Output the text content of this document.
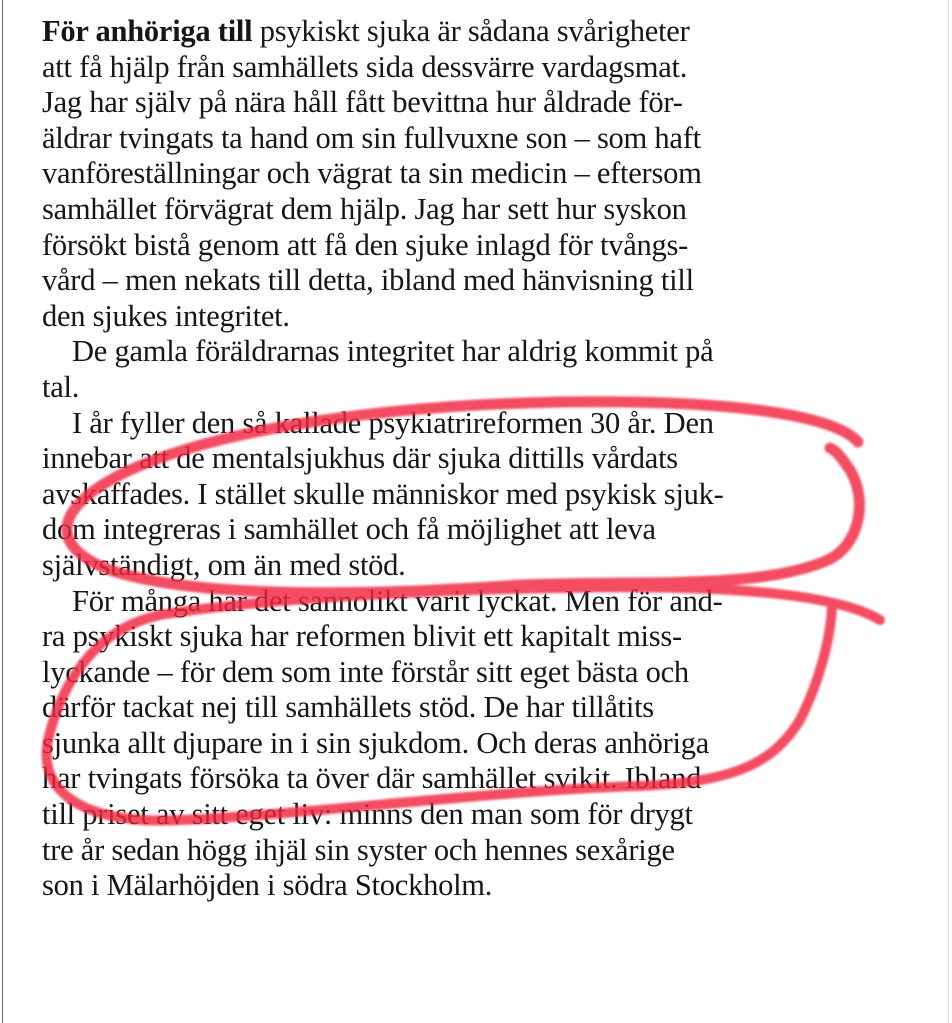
För anhöriga till psykiskt sjuka är sådana svårigheter
att få hjälp från samhällets sida dessvärre vardagsmat.
Jag har själv på nära håll fått bevittna hur åldrade för-
äldrar tvingats ta hand om sin fullvuxne son – som haft
vanföreställningar och vägrat ta sin medicin – eftersom
samhället förvägrat dem hjälp. Jag har sett hur syskon
försökt bistå genom att få den sjuke inlagd för tvångs-
vård – men nekats till detta, ibland med hänvisning till
den sjukes integritet.
De gamla föräldrarnas integritet har aldrig kommit på
tal.
I år fyller den så kallade psykiatrireformen 30 år. Den
innebar att de mentalsjukhus där sjuka dittills vårdats
avskaffades. I stället skulle människor med psykisk sjuk-
dom integreras i samhället och få möjlighet att leva
självständigt, om än med stöd.
För många har det sannolikt varit lyckat. Men för and-
ra psykiskt sjuka har reformen blivit ett kapitalt miss-
lyckande – för dem som inte förstår sitt eget bästa och
därför tackat nej till samhällets stöd. De har tillåtits
sjunka allt djupare in i sin sjukdom. Och deras anhöriga
har tvingats försöka ta över där samhället svikit. Ibland
till priset av sitt eget liv: minns den man som för drygt
tre år sedan högg ihjäl sin syster och hennes sexårige
son i Mälarhöjden i södra Stockholm.
